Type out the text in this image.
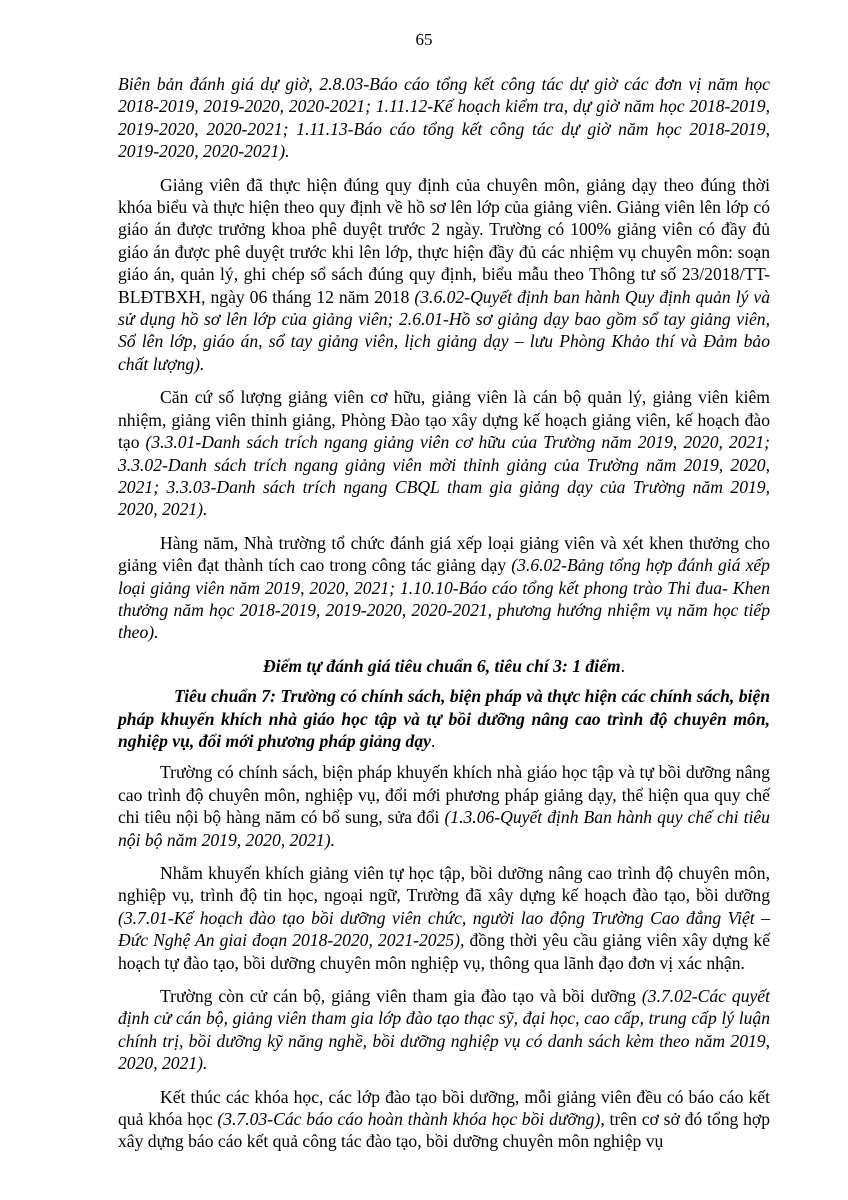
65

Biên bản đánh giá dự giờ, 2.8.03-Báo cáo tổng kết công tác dự giờ các đơn vị năm học 2018-2019, 2019-2020, 2020-2021; 1.11.12-Kế hoạch kiểm tra, dự giờ năm học 2018-2019, 2019-2020, 2020-2021; 1.11.13-Báo cáo tổng kết công tác dự giờ năm học 2018-2019, 2019-2020, 2020-2021).

Giảng viên đã thực hiện đúng quy định của chuyên môn, giảng dạy theo đúng thời khóa biểu và thực hiện theo quy định về hồ sơ lên lớp của giảng viên. Giảng viên lên lớp có giáo án được trưởng khoa phê duyệt trước 2 ngày. Trường có 100% giảng viên có đầy đủ giáo án được phê duyệt trước khi lên lớp, thực hiện đầy đủ các nhiệm vụ chuyên môn: soạn giáo án, quản lý, ghi chép sổ sách đúng quy định, biểu mẫu theo Thông tư số 23/2018/TT-BLĐTBXH, ngày 06 tháng 12 năm 2018 (3.6.02-Quyết định ban hành Quy định quản lý và sử dụng hồ sơ lên lớp của giảng viên; 2.6.01-Hồ sơ giảng dạy bao gồm sổ tay giảng viên, Sổ lên lớp, giáo án, sổ tay giảng viên, lịch giảng dạy – lưu Phòng Khảo thí và Đảm bảo chất lượng).

Căn cứ số lượng giảng viên cơ hữu, giảng viên là cán bộ quản lý, giảng viên kiêm nhiệm, giảng viên thỉnh giảng, Phòng Đào tạo xây dựng kế hoạch giảng viên, kế hoạch đào tạo (3.3.01-Danh sách trích ngang giảng viên cơ hữu của Trường năm 2019, 2020, 2021; 3.3.02-Danh sách trích ngang giảng viên mời thỉnh giảng của Trường năm 2019, 2020, 2021; 3.3.03-Danh sách trích ngang CBQL tham gia giảng dạy của Trường năm 2019, 2020, 2021).

Hàng năm, Nhà trường tổ chức đánh giá xếp loại giảng viên và xét khen thưởng cho giảng viên đạt thành tích cao trong công tác giảng dạy (3.6.02-Bảng tổng hợp đánh giá xếp loại giảng viên năm 2019, 2020, 2021; 1.10.10-Báo cáo tổng kết phong trào Thi đua- Khen thưởng năm học 2018-2019, 2019-2020, 2020-2021, phương hướng nhiệm vụ năm học tiếp theo).

Điểm tự đánh giá tiêu chuẩn 6, tiêu chí 3: 1 điểm.

Tiêu chuẩn 7: Trường có chính sách, biện pháp và thực hiện các chính sách, biện pháp khuyến khích nhà giáo học tập và tự bồi dưỡng nâng cao trình độ chuyên môn, nghiệp vụ, đổi mới phương pháp giảng dạy.

Trường có chính sách, biện pháp khuyến khích nhà giáo học tập và tự bồi dưỡng nâng cao trình độ chuyên môn, nghiệp vụ, đổi mới phương pháp giảng dạy, thể hiện qua quy chế chi tiêu nội bộ hàng năm có bổ sung, sửa đổi (1.3.06-Quyết định Ban hành quy chế chi tiêu nội bộ năm 2019, 2020, 2021).

Nhằm khuyến khích giảng viên tự học tập, bồi dưỡng nâng cao trình độ chuyên môn, nghiệp vụ, trình độ tin học, ngoại ngữ, Trường đã xây dựng kế hoạch đào tạo, bồi dưỡng (3.7.01-Kế hoạch đào tạo bồi dưỡng viên chức, người lao động Trường Cao đẳng Việt – Đức Nghệ An giai đoạn 2018-2020, 2021-2025), đồng thời yêu cầu giảng viên xây dựng kế hoạch tự đào tạo, bồi dưỡng chuyên môn nghiệp vụ, thông qua lãnh đạo đơn vị xác nhận.

Trường còn cử cán bộ, giảng viên tham gia đào tạo và bồi dưỡng (3.7.02-Các quyết định cử cán bộ, giảng viên tham gia lớp đào tạo thạc sỹ, đại học, cao cấp, trung cấp lý luận chính trị, bồi dưỡng kỹ năng nghề, bồi dưỡng nghiệp vụ có danh sách kèm theo năm 2019, 2020, 2021).

Kết thúc các khóa học, các lớp đào tạo bồi dưỡng, mỗi giảng viên đều có báo cáo kết quả khóa học (3.7.03-Các báo cáo hoàn thành khóa học bồi dưỡng), trên cơ sở đó tổng hợp xây dựng báo cáo kết quả công tác đào tạo, bồi dưỡng chuyên môn nghiệp vụ
